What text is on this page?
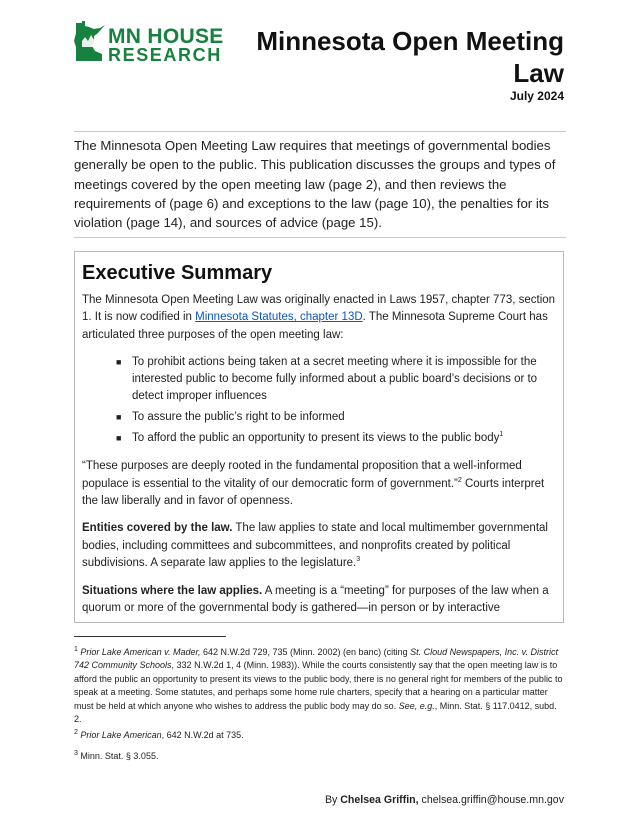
MN HOUSE
RESEARCH	Minnesota Open Meeting Law
July 2024
The Minnesota Open Meeting Law requires that meetings of governmental bodies generally be open to the public. This publication discusses the groups and types of meetings covered by the open meeting law (page 2), and then reviews the requirements of (page 6) and exceptions to the law (page 10), the penalties for its violation (page 14), and sources of advice (page 15).
Executive Summary

The Minnesota Open Meeting Law was originally enacted in Laws 1957, chapter 773, section 1. It is now codified in Minnesota Statutes, chapter 13D. The Minnesota Supreme Court has articulated three purposes of the open meeting law:

■ To prohibit actions being taken at a secret meeting where it is impossible for the interested public to become fully informed about a public board’s decisions or to detect improper influences
■ To assure the public’s right to be informed
■ To afford the public an opportunity to present its views to the public body$^1$

“These purposes are deeply rooted in the fundamental proposition that a well-informed populace is essential to the vitality of our democratic form of government.”$^2$ Courts interpret the law liberally and in favor of openness.

Entities covered by the law. The law applies to state and local multimember governmental bodies, including committees and subcommittees, and nonprofits created by political subdivisions. A separate law applies to the legislature.$^3$

Situations where the law applies. A meeting is a “meeting” for purposes of the law when a quorum or more of the governmental body is gathered—in person or by interactive

$^1$ Prior Lake American v. Mader, 642 N.W.2d 729, 735 (Minn. 2002) (en banc) (citing St. Cloud Newspapers, Inc. v. District 742 Community Schools, 332 N.W.2d 1, 4 (Minn. 1983)). While the courts consistently say that the open meeting law is to afford the public an opportunity to present its views to the public body, there is no general right for members of the public to speak at a meeting. Some statutes, and perhaps some home rule charters, specify that a hearing on a particular matter must be held at which anyone who wishes to address the public body may do so. See, e.g., Minn. Stat. § 117.0412, subd. 2.
$^2$ Prior Lake American, 642 N.W.2d at 735.
$^3$ Minn. Stat. § 3.055.
By Chelsea Griffin, chelsea.griffin@house.mn.gov
